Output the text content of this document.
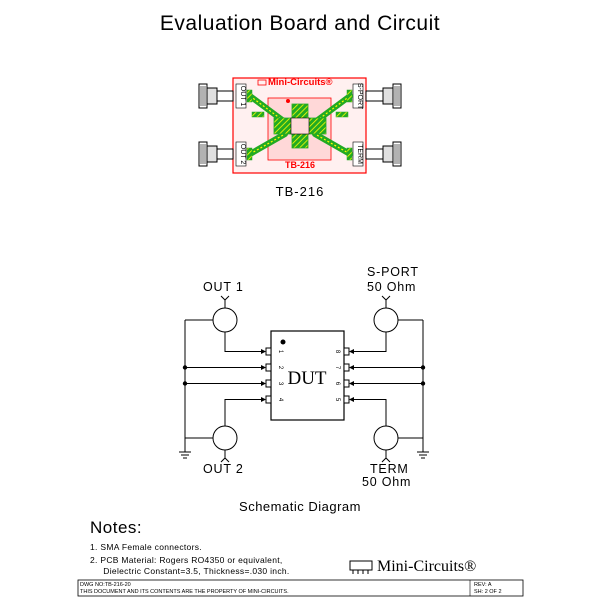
Evaluation Board and Circuit
OUT 1
OUT 2
S-PORT
TERM
Mini-Circuits®
TB-216
1
2
3
4
8
7
6
5
DUT
TB-216
OUT 1
OUT 2
S-PORT
50 Ohm
TERM
50 Ohm
Schematic Diagram
Notes:
1. SMA Female connectors.
2. PCB Material: Rogers RO4350 or equivalent,
Dielectric Constant=3.5, Thickness=.030 inch.	Mini-Circuits®
DWG NO:TB-216-20
THIS DOCUMENT AND ITS CONTENTS ARE THE PROPERTY OF MINI-CIRCUITS.
REV: A
SH: 2 OF 2
